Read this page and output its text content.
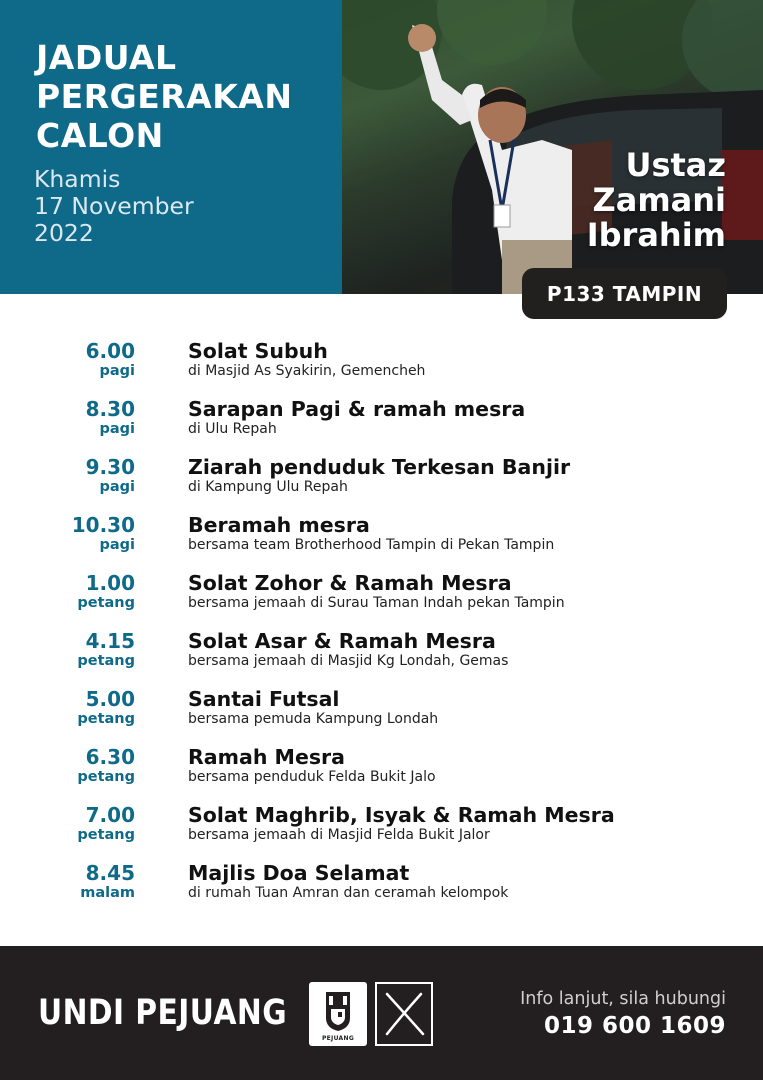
JADUAL
PERGERAKAN
CALON
Khamis
17 November
2022
Ustaz
Zamani
Ibrahim
P133 TAMPIN
6.00
pagi
Solat Subuh
di Masjid As Syakirin, Gemencheh
8.30
pagi
Sarapan Pagi & ramah mesra
di Ulu Repah
9.30
pagi
Ziarah penduduk Terkesan Banjir
di Kampung Ulu Repah
10.30
pagi
Beramah mesra
bersama team Brotherhood Tampin di Pekan Tampin
1.00
petang
Solat Zohor & Ramah Mesra
bersama jemaah di Surau Taman Indah pekan Tampin
4.15
petang
Solat Asar & Ramah Mesra
bersama jemaah di Masjid Kg Londah, Gemas
5.00
petang
Santai Futsal
bersama pemuda Kampung Londah
6.30
petang
Ramah Mesra
bersama penduduk Felda Bukit Jalo
7.00
petang
Solat Maghrib, Isyak & Ramah Mesra
bersama jemaah di Masjid Felda Bukit Jalor
8.45
malam
Majlis Doa Selamat
di rumah Tuan Amran dan ceramah kelompok
UNDI PEJUANG
PEJUANG
Info lanjut, sila hubungi
019 600 1609
